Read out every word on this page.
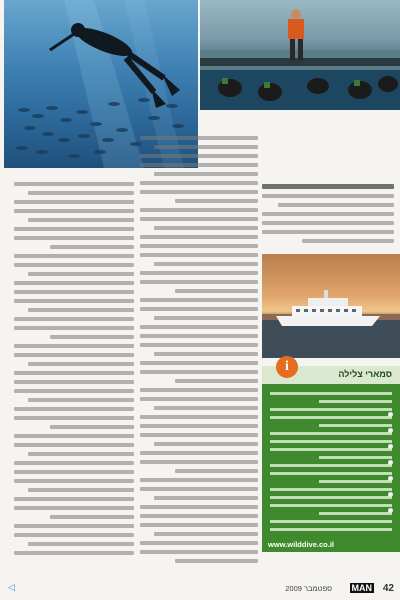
סמארי צלילה
i
www.wilddive.co.il
◁	ספטמבר 2009 MAN 42
